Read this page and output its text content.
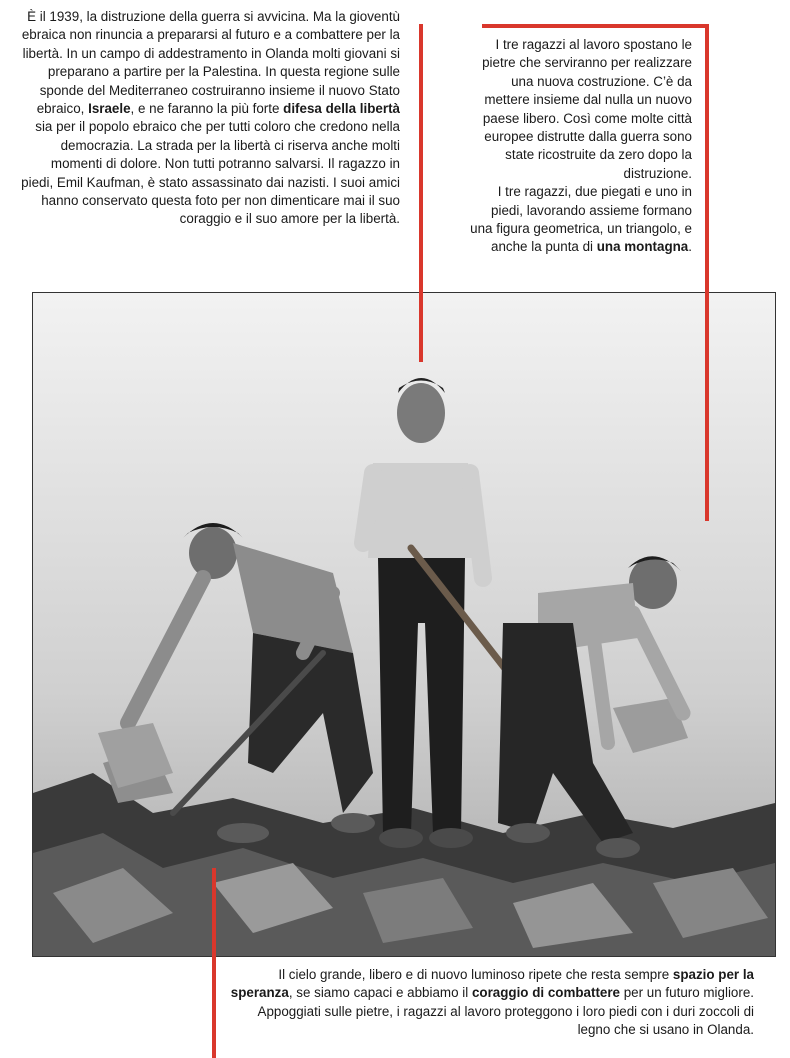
È il 1939, la distruzione della guerra si avvicina. Ma la gioventù ebraica non rinuncia a prepararsi al futuro e a combattere per la libertà. In un campo di addestramento in Olanda molti giovani si preparano a partire per la Palestina. In questa regione sulle sponde del Mediterraneo costruiranno insieme il nuovo Stato ebraico, Israele, e ne faranno la più forte difesa della libertà sia per il popolo ebraico che per tutti coloro che credono nella democrazia. La strada per la libertà ci riserva anche molti momenti di dolore. Non tutti potranno salvarsi. Il ragazzo in piedi, Emil Kaufman, è stato assassinato dai nazisti. I suoi amici hanno conservato questa foto per non dimenticare mai il suo coraggio e il suo amore per la libertà.
I tre ragazzi al lavoro spostano le pietre che serviranno per realizzare una nuova costruzione. C’è da mettere insieme dal nulla un nuovo paese libero. Così come molte città europee distrutte dalla guerra sono state ricostruite da zero dopo la distruzione.
I tre ragazzi, due piegati e uno in piedi, lavorando assieme formano una figura geometrica, un triangolo, e anche la punta di una montagna.
Il cielo grande, libero e di nuovo luminoso ripete che resta sempre spazio per la speranza, se siamo capaci e abbiamo il coraggio di combattere per un futuro migliore. Appoggiati sulle pietre, i ragazzi al lavoro proteggono i loro piedi con i duri zoccoli di legno che si usano in Olanda.
